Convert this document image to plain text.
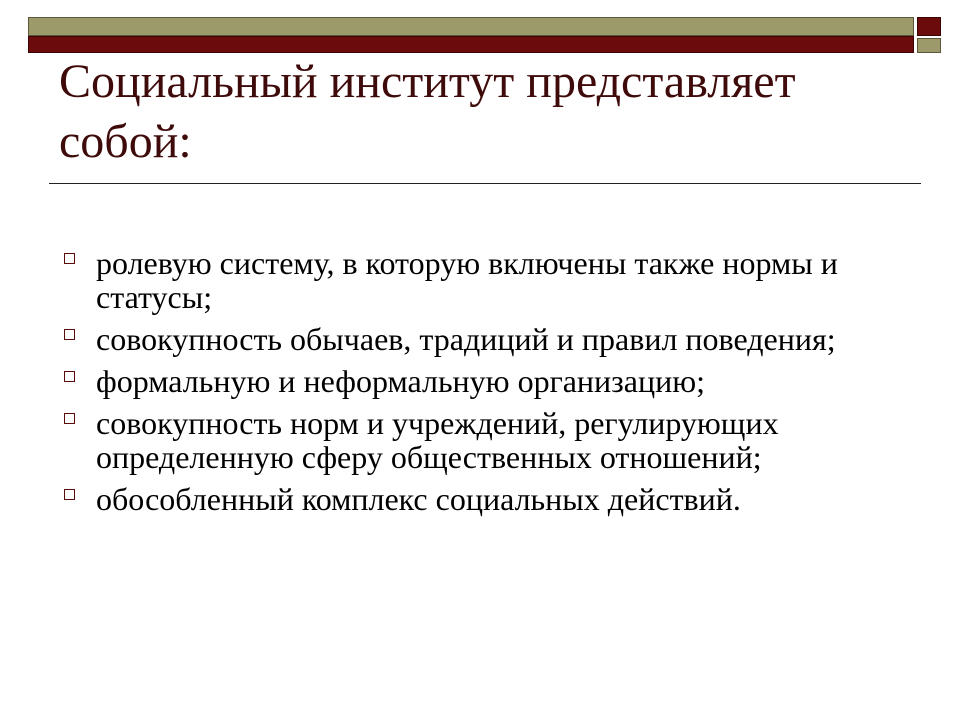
Социальный институт представляет собой:
ролевую систему, в которую включены также нормы и статусы;
совокупность обычаев, традиций и правил поведения;
формальную и неформальную организацию;
совокупность норм и учреждений, регулирующих определенную сферу общественных отношений;
обособленный комплекс социальных действий.
